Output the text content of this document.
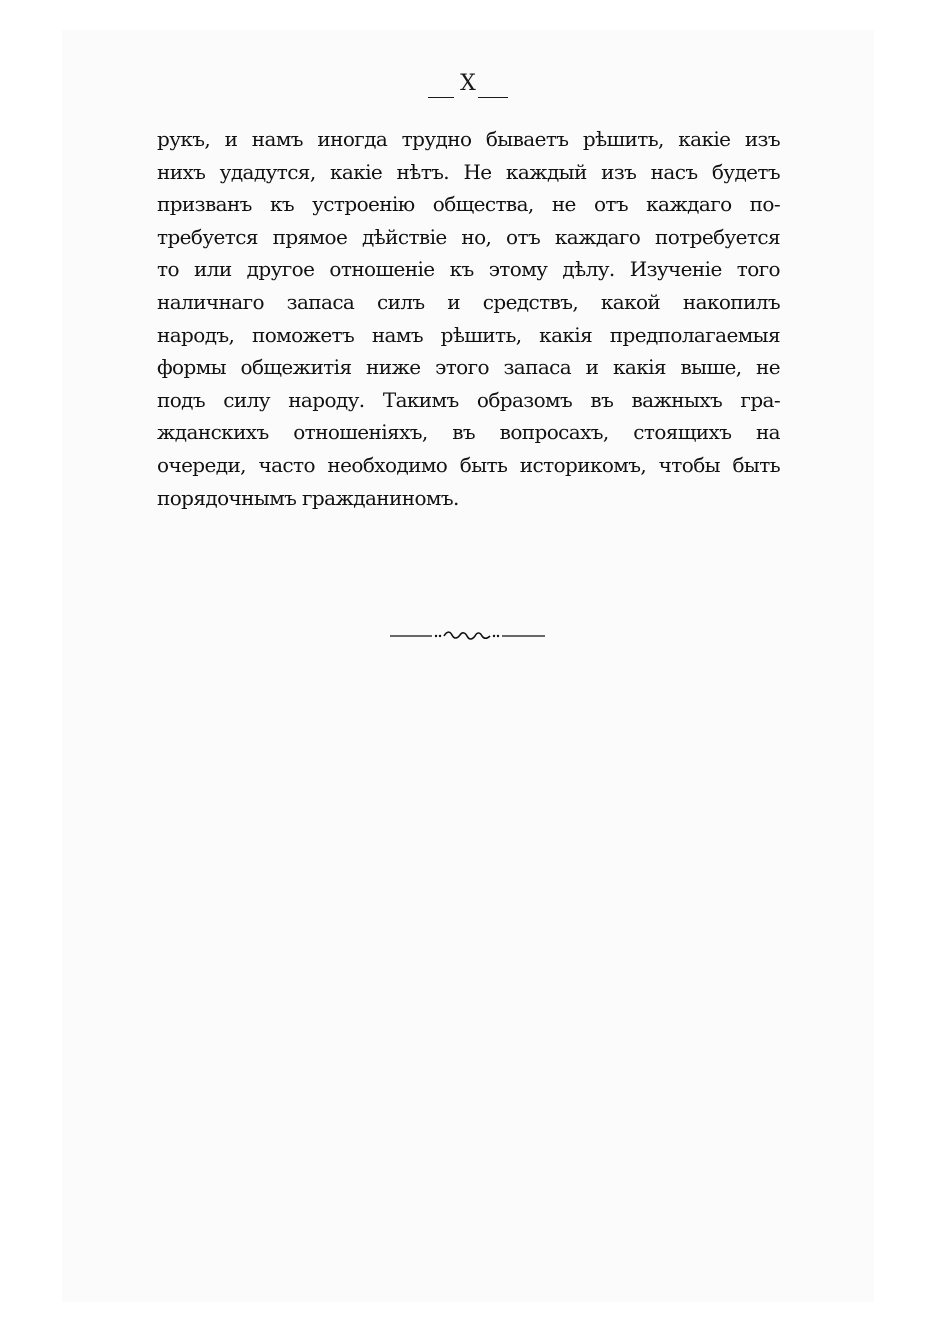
X
рукъ, и намъ иногда трудно бываетъ рѣшить, какіе изъ
нихъ удадутся, какіе нѣтъ. Не каждый изъ насъ будетъ
призванъ къ устроенію общества, не отъ каждаго по-
требуется прямое дѣйствіе но, отъ каждаго потребуется
то или другое отношеніе къ этому дѣлу. Изученіе того
наличнаго запаса силъ и средствъ, какой накопилъ
народъ, поможетъ намъ рѣшить, какія предполагаемыя
формы общежитія ниже этого запаса и какія выше, не
подъ силу народу. Такимъ образомъ въ важныхъ гра-
жданскихъ отношеніяхъ, въ вопросахъ, стоящихъ на
очереди, часто необходимо быть историкомъ, чтобы быть
порядочнымъ гражданиномъ.
